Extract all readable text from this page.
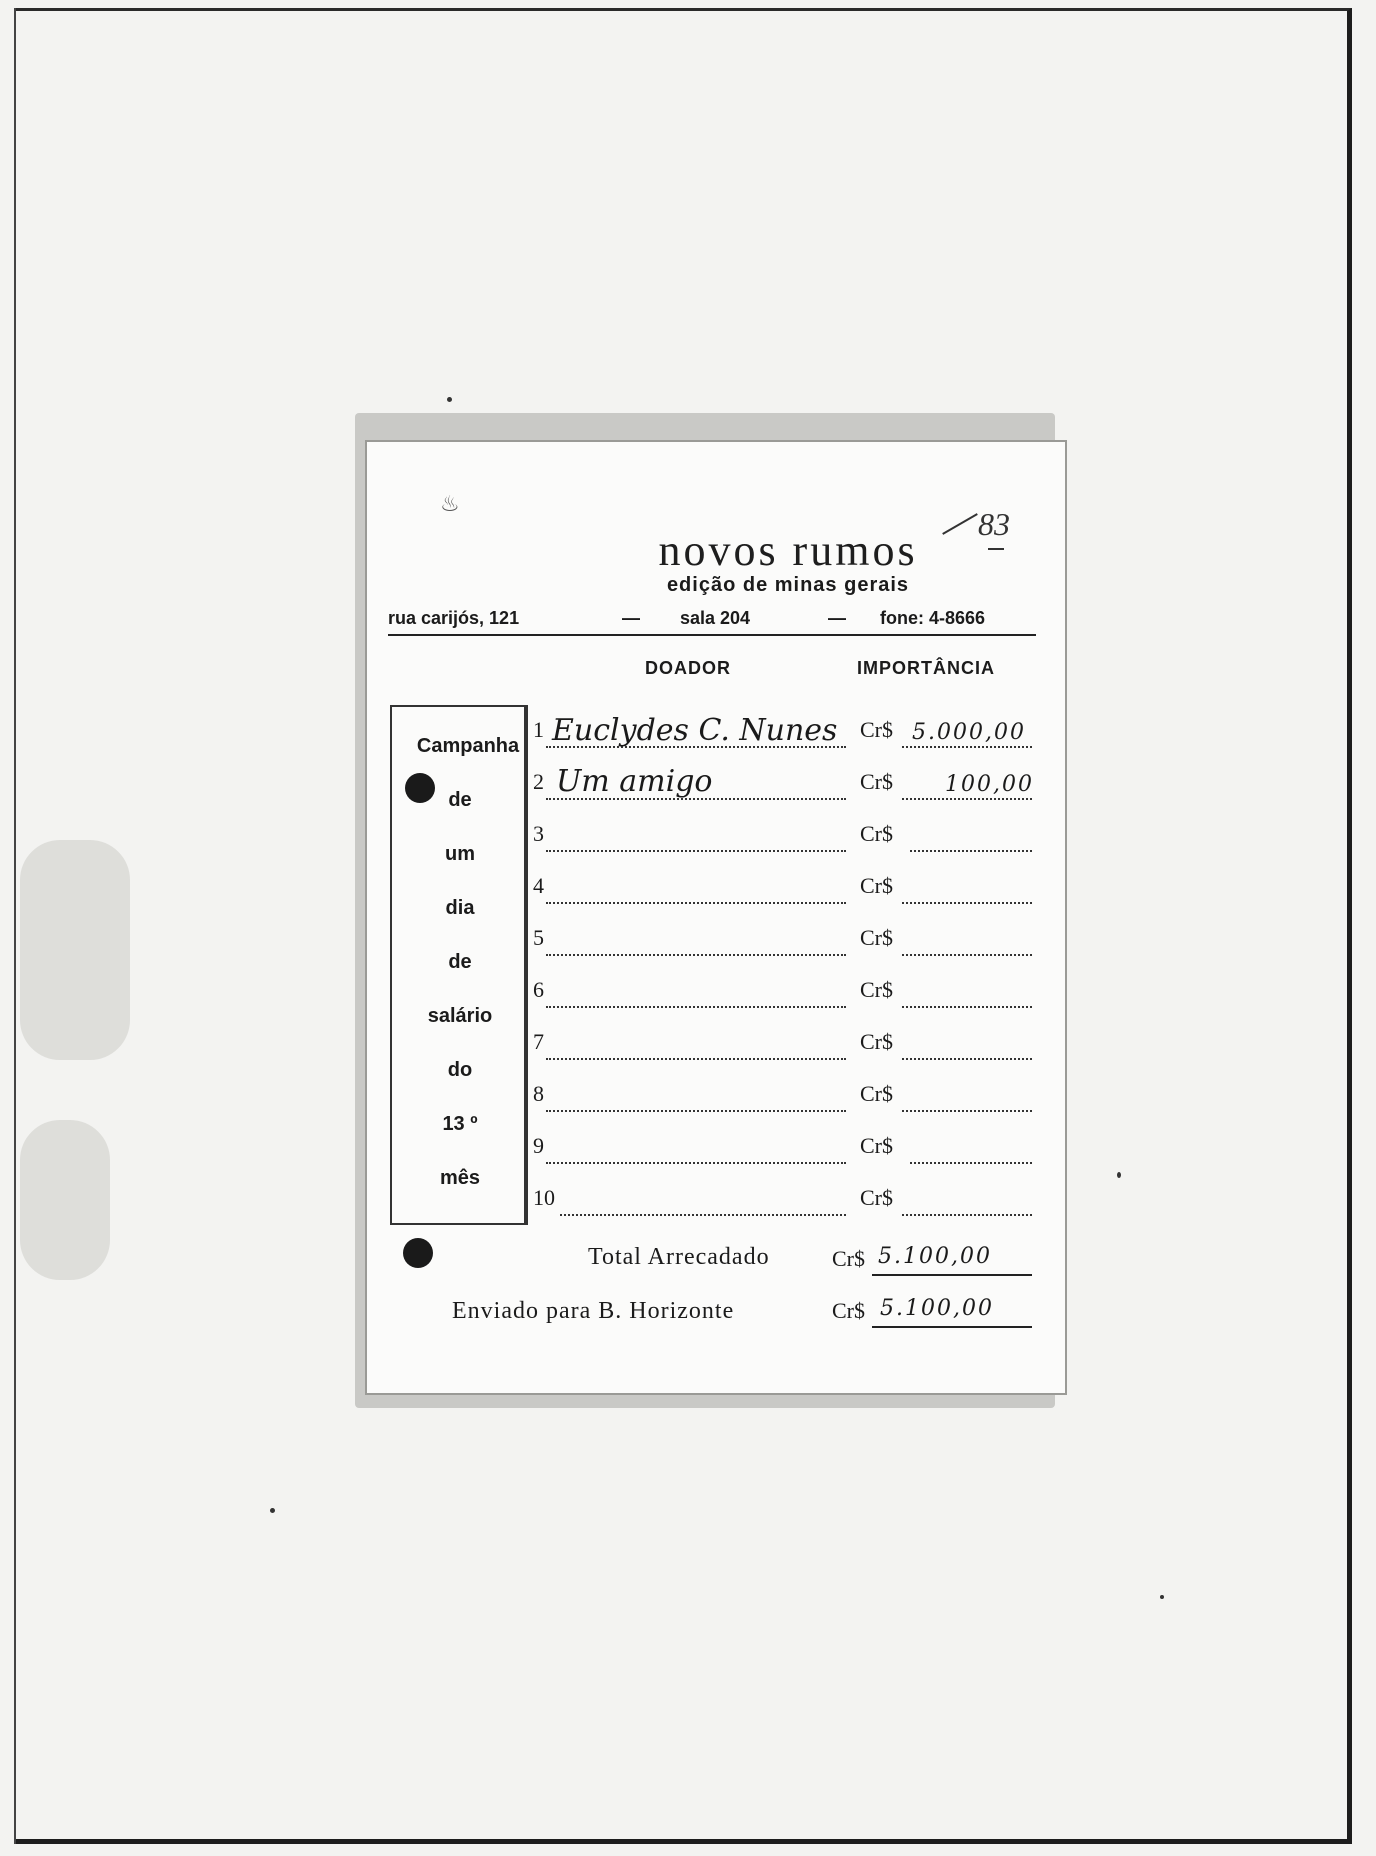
♨
novos rumos
83
edição de minas gerais
rua carijós, 121	— sala 204	— fone: 4-8666
DOADOR	IMPORTÂNCIA
Campanha
de
um
dia
de
salário
do
13 º
mês
1 Euclydes C. Nunes Cr$ 5.000,00
2 Um amigo	Cr$ 100,00
3	Cr$
4	Cr$
5	Cr$
6	Cr$
7	Cr$
8	Cr$
9	Cr$
10	Cr$
Total Arrecadado	Cr$ 5.100,00
Enviado para B. Horizonte	Cr$ 5.100,00
